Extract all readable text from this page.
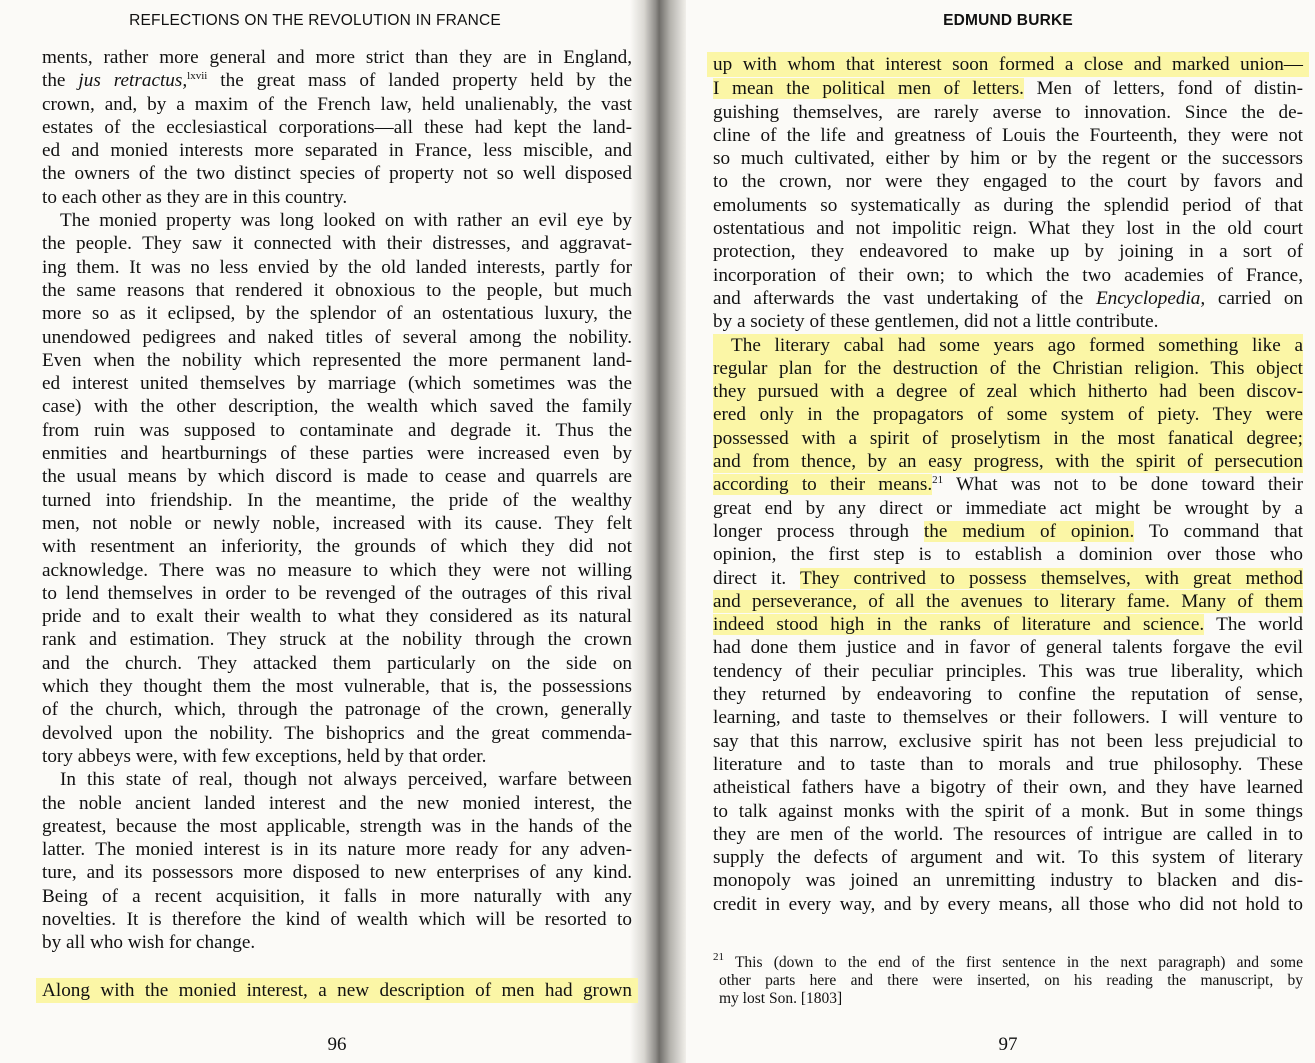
REFLECTIONS ON THE REVOLUTION IN FRANCE
ments, rather more general and more strict than they are in England,
the jus retractus,$^{lxvii}$ the great mass of landed property held by the
crown, and, by a maxim of the French law, held unalienably, the vast
estates of the ecclesiastical corporations—all these had kept the land-
ed and monied interests more separated in France, less miscible, and
the owners of the two distinct species of property not so well disposed
to each other as they are in this country.
The monied property was long looked on with rather an evil eye by
the people. They saw it connected with their distresses, and aggravat-
ing them. It was no less envied by the old landed interests, partly for
the same reasons that rendered it obnoxious to the people, but much
more so as it eclipsed, by the splendor of an ostentatious luxury, the
unendowed pedigrees and naked titles of several among the nobility.
Even when the nobility which represented the more permanent land-
ed interest united themselves by marriage (which sometimes was the
case) with the other description, the wealth which saved the family
from ruin was supposed to contaminate and degrade it. Thus the
enmities and heartburnings of these parties were increased even by
the usual means by which discord is made to cease and quarrels are
turned into friendship. In the meantime, the pride of the wealthy
men, not noble or newly noble, increased with its cause. They felt
with resentment an inferiority, the grounds of which they did not
acknowledge. There was no measure to which they were not willing
to lend themselves in order to be revenged of the outrages of this rival
pride and to exalt their wealth to what they considered as its natural
rank and estimation. They struck at the nobility through the crown
and the church. They attacked them particularly on the side on
which they thought them the most vulnerable, that is, the possessions
of the church, which, through the patronage of the crown, generally
devolved upon the nobility. The bishoprics and the great commenda-
tory abbeys were, with few exceptions, held by that order.
In this state of real, though not always perceived, warfare between
the noble ancient landed interest and the new monied interest, the
greatest, because the most applicable, strength was in the hands of the
latter. The monied interest is in its nature more ready for any adven-
ture, and its possessors more disposed to new enterprises of any kind.
Being of a recent acquisition, it falls in more naturally with any
novelties. It is therefore the kind of wealth which will be resorted to
by all who wish for change.
Along with the monied interest, a new description of men had grown
96
EDMUND BURKE
up with whom that interest soon formed a close and marked union—
I mean the political men of letters. Men of letters, fond of distin-
guishing themselves, are rarely averse to innovation. Since the de-
cline of the life and greatness of Louis the Fourteenth, they were not
so much cultivated, either by him or by the regent or the successors
to the crown, nor were they engaged to the court by favors and
emoluments so systematically as during the splendid period of that
ostentatious and not impolitic reign. What they lost in the old court
protection, they endeavored to make up by joining in a sort of
incorporation of their own; to which the two academies of France,
and afterwards the vast undertaking of the Encyclopedia, carried on
by a society of these gentlemen, did not a little contribute.
The literary cabal had some years ago formed something like a
regular plan for the destruction of the Christian religion. This object
they pursued with a degree of zeal which hitherto had been discov-
ered only in the propagators of some system of piety. They were
possessed with a spirit of proselytism in the most fanatical degree;
and from thence, by an easy progress, with the spirit of persecution
according to their means.$^{21}$ What was not to be done toward their
great end by any direct or immediate act might be wrought by a
longer process through the medium of opinion. To command that
opinion, the first step is to establish a dominion over those who
direct it. They contrived to possess themselves, with great method
and perseverance, of all the avenues to literary fame. Many of them
indeed stood high in the ranks of literature and science. The world
had done them justice and in favor of general talents forgave the evil
tendency of their peculiar principles. This was true liberality, which
they returned by endeavoring to confine the reputation of sense,
learning, and taste to themselves or their followers. I will venture to
say that this narrow, exclusive spirit has not been less prejudicial to
literature and to taste than to morals and true philosophy. These
atheistical fathers have a bigotry of their own, and they have learned
to talk against monks with the spirit of a monk. But in some things
they are men of the world. The resources of intrigue are called in to
supply the defects of argument and wit. To this system of literary
monopoly was joined an unremitting industry to blacken and dis-
credit in every way, and by every means, all those who did not hold to
$^{21}$ This (down to the end of the first sentence in the next paragraph) and some
other parts here and there were inserted, on his reading the manuscript, by
my lost Son. [1803]
97
